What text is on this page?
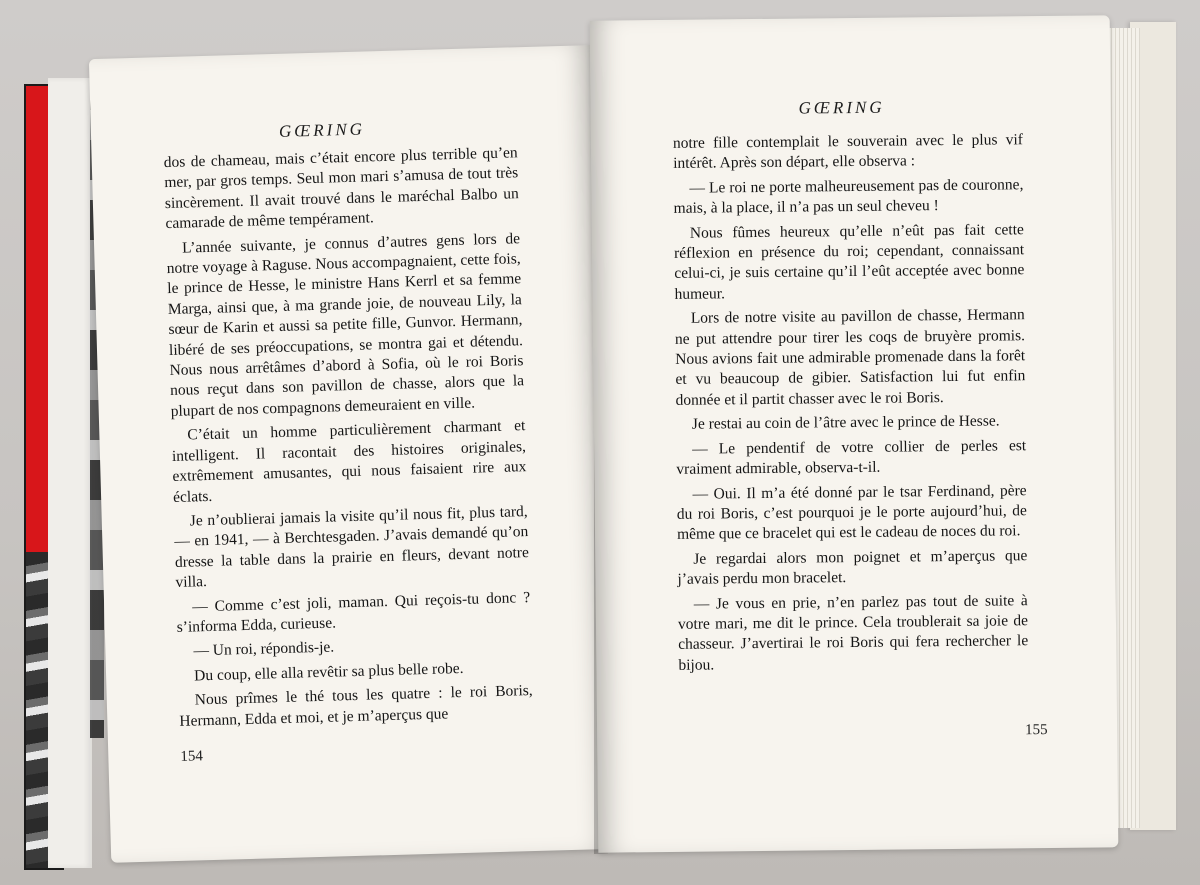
GŒRING

dos de chameau, mais c’était encore plus terrible qu’en mer, par gros temps. Seul mon mari s’amusa de tout très sincèrement. Il avait trouvé dans le maréchal Balbo un camarade de même tempérament.

L’année suivante, je connus d’autres gens lors de notre voyage à Raguse. Nous accompagnaient, cette fois, le prince de Hesse, le ministre Hans Kerrl et sa femme Marga, ainsi que, à ma grande joie, de nouveau Lily, la sœur de Karin et aussi sa petite fille, Gunvor. Hermann, libéré de ses préoccupations, se montra gai et détendu. Nous nous arrêtâmes d’abord à Sofia, où le roi Boris nous reçut dans son pavillon de chasse, alors que la plupart de nos compagnons demeuraient en ville.

C’était un homme particulièrement charmant et intelligent. Il racontait des histoires originales, extrêmement amusantes, qui nous faisaient rire aux éclats.

Je n’oublierai jamais la visite qu’il nous fit, plus tard, — en 1941, — à Berchtesgaden. J’avais demandé qu’on dresse la table dans la prairie en fleurs, devant notre villa.

— Comme c’est joli, maman. Qui reçois-tu donc ? s’informa Edda, curieuse.

— Un roi, répondis-je.

Du coup, elle alla revêtir sa plus belle robe.

Nous prîmes le thé tous les quatre : le roi Boris, Hermann, Edda et moi, et je m’aperçus que

154
GŒRING

notre fille contemplait le souverain avec le plus vif intérêt. Après son départ, elle observa :

— Le roi ne porte malheureusement pas de couronne, mais, à la place, il n’a pas un seul cheveu !

Nous fûmes heureux qu’elle n’eût pas fait cette réflexion en présence du roi; cependant, connaissant celui-ci, je suis certaine qu’il l’eût acceptée avec bonne humeur.

Lors de notre visite au pavillon de chasse, Hermann ne put attendre pour tirer les coqs de bruyère promis. Nous avions fait une admirable promenade dans la forêt et vu beaucoup de gibier. Satisfaction lui fut enfin donnée et il partit chasser avec le roi Boris.

Je restai au coin de l’âtre avec le prince de Hesse.

— Le pendentif de votre collier de perles est vraiment admirable, observa-t-il.

— Oui. Il m’a été donné par le tsar Ferdinand, père du roi Boris, c’est pourquoi je le porte aujourd’hui, de même que ce bracelet qui est le cadeau de noces du roi.

Je regardai alors mon poignet et m’aperçus que j’avais perdu mon bracelet.

— Je vous en prie, n’en parlez pas tout de suite à votre mari, me dit le prince. Cela troublerait sa joie de chasseur. J’avertirai le roi Boris qui fera rechercher le bijou.

155
